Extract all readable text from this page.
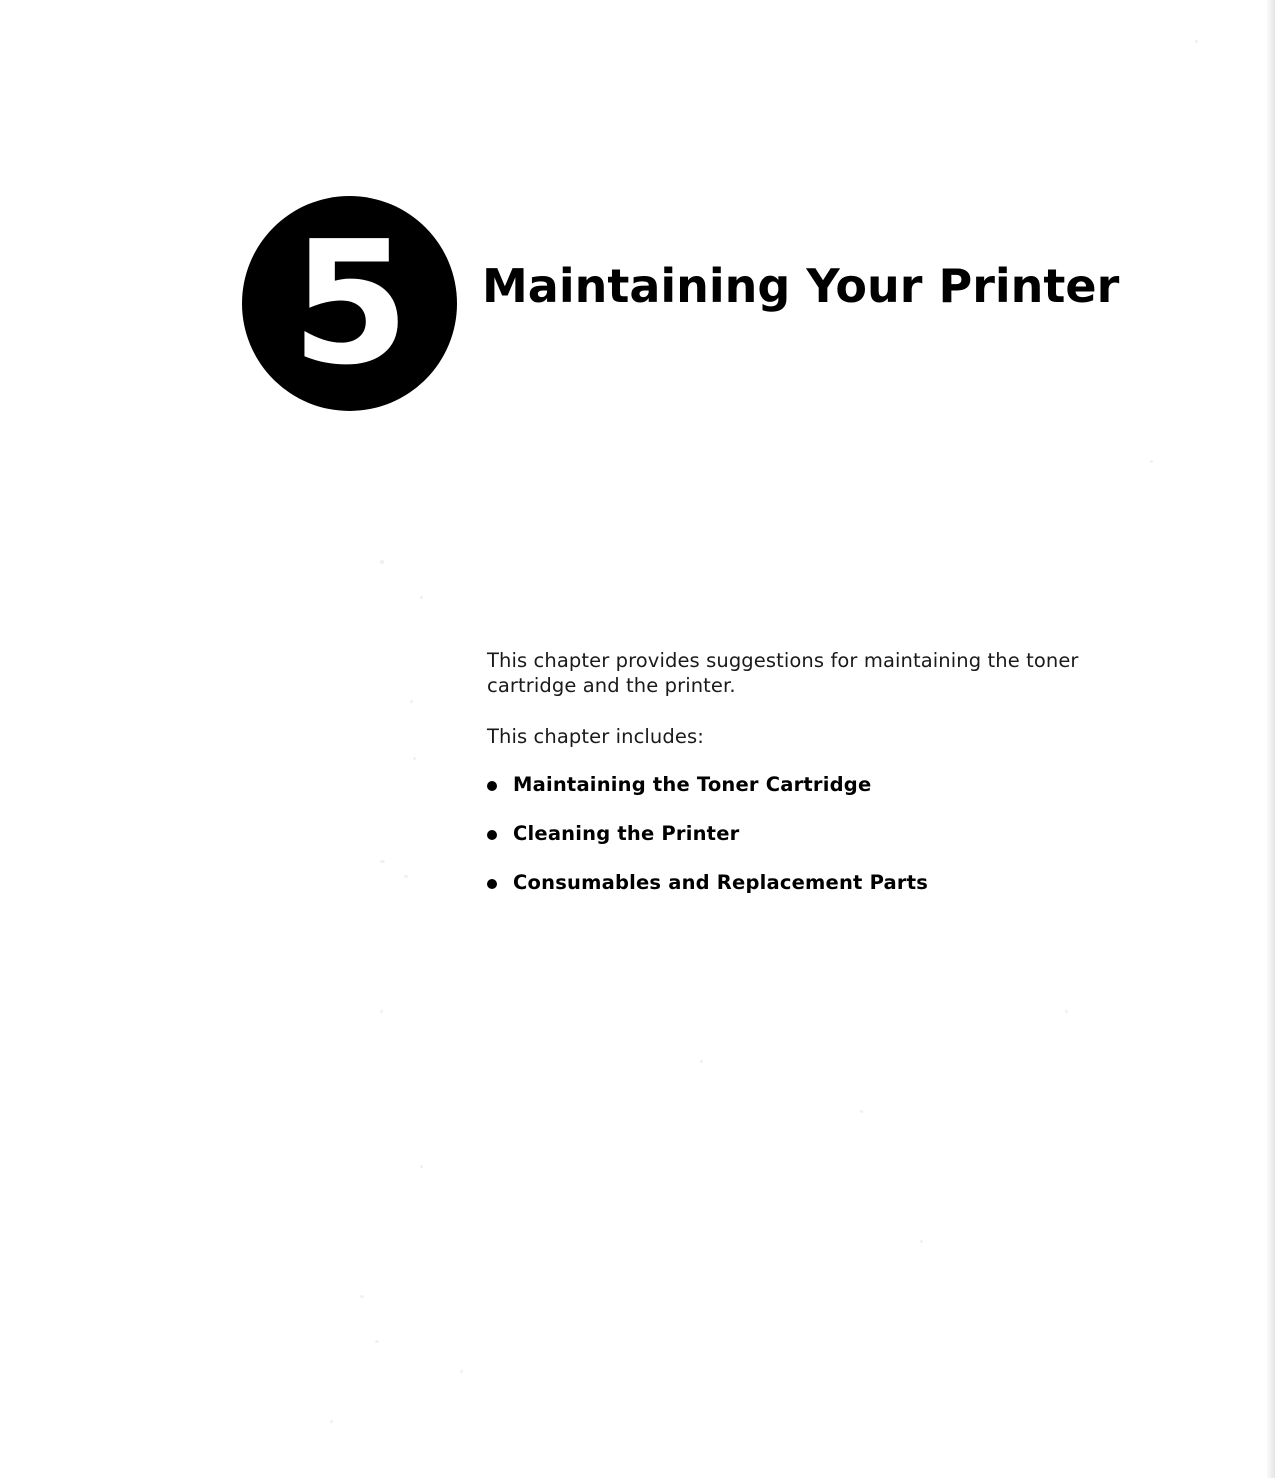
5	Maintaining Your Printer

This chapter provides suggestions for maintaining the toner cartridge and the printer.

This chapter includes:

Maintaining the Toner Cartridge
Cleaning the Printer
Consumables and Replacement Parts
